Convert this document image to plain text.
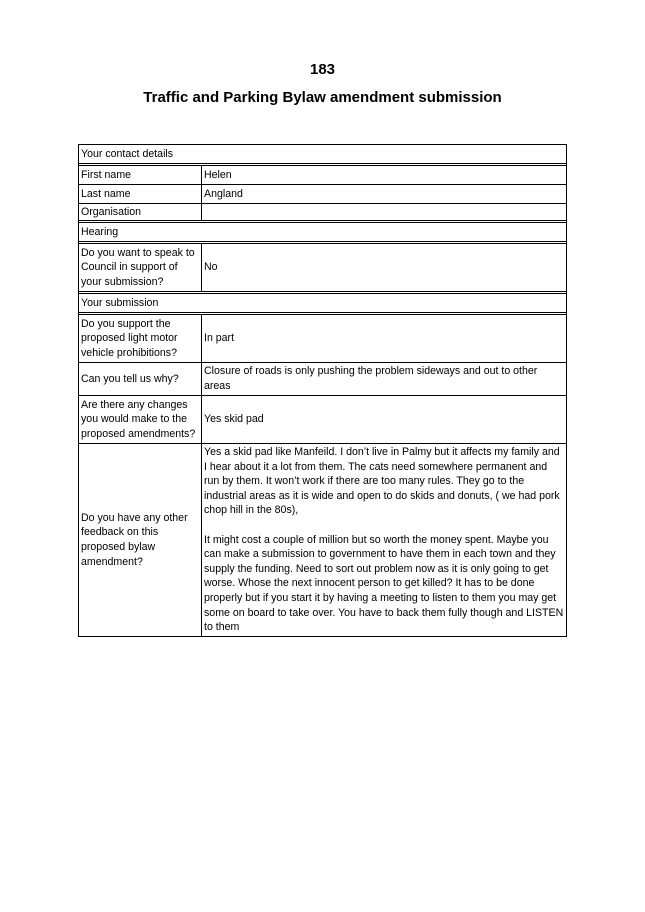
183
Traffic and Parking Bylaw amendment submission
Your contact details
First name	Helen
Last name	Angland
Organisation
Hearing
Do you want to speak to Council in support of your submission?
No
Your submission
Do you support the proposed light motor vehicle prohibitions?
In part
Can you tell us why?
Closure of roads is only pushing the problem sideways and out to other areas
Are there any changes you would make to the proposed amendments?
Yes skid pad
Do you have any other feedback on this proposed bylaw amendment?

Yes a skid pad like Manfeild. I don’t live in Palmy but it affects my family and I hear about it a lot from them. The cats need somewhere permanent and run by them. It won’t work if there are too many rules. They go to the industrial areas as it is wide and open to do skids and donuts, ( we had pork chop hill in the 80s),

It might cost a couple of million but so worth the money spent. Maybe you can make a submission to government to have them in each town and they supply the funding. Need to sort out problem now as it is only going to get worse. Whose the next innocent person to get killed? It has to be done properly but if you start it by having a meeting to listen to them you may get some on board to take over. You have to back them fully though and LISTEN to them
